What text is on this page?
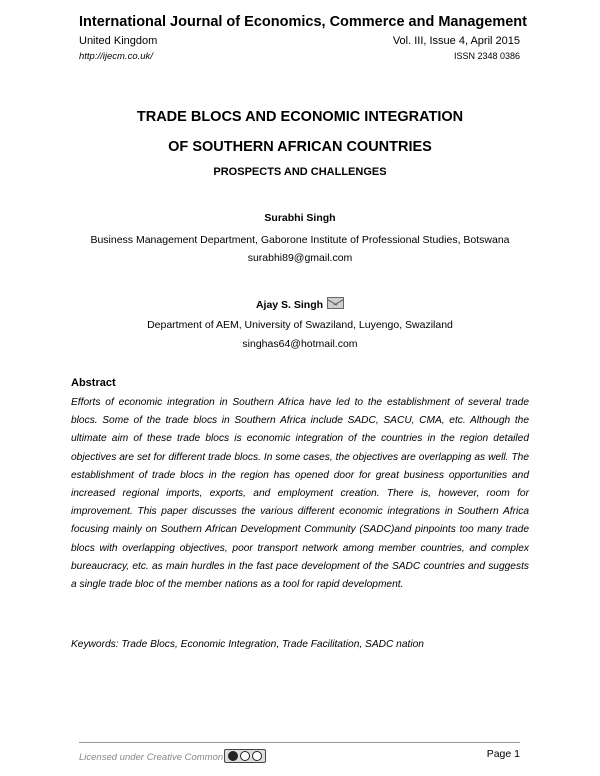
International Journal of Economics, Commerce and Management
United Kingdom	Vol. III, Issue 4, April 2015
http://ijecm.co.uk/	ISSN 2348 0386
TRADE BLOCS AND ECONOMIC INTEGRATION
OF SOUTHERN AFRICAN COUNTRIES
PROSPECTS AND CHALLENGES
Surabhi Singh
Business Management Department, Gaborone Institute of Professional Studies, Botswana
surabhi89@gmail.com
Ajay S. Singh
Department of AEM, University of Swaziland, Luyengo, Swaziland
singhas64@hotmail.com
Abstract

Efforts of economic integration in Southern Africa have led to the establishment of several trade blocs. Some of the trade blocs in Southern Africa include SADC, SACU, CMA, etc. Although the ultimate aim of these trade blocs is economic integration of the countries in the region detailed objectives are set for different trade blocs. In some cases, the objectives are overlapping as well. The establishment of trade blocs in the region has opened door for great business opportunities and increased regional imports, exports, and employment creation. There is, however, room for improvement. This paper discusses the various different economic integrations in Southern Africa focusing mainly on Southern African Development Community (SADC)and pinpoints too many trade blocs with overlapping objectives, poor transport network among member countries, and complex bureaucracy, etc. as main hurdles in the fast pace development of the SADC countries and suggests a single trade bloc of the member nations as a tool for rapid development.

Keywords: Trade Blocs, Economic Integration, Trade Facilitation, SADC nation
Licensed under Creative Common	Page 1
